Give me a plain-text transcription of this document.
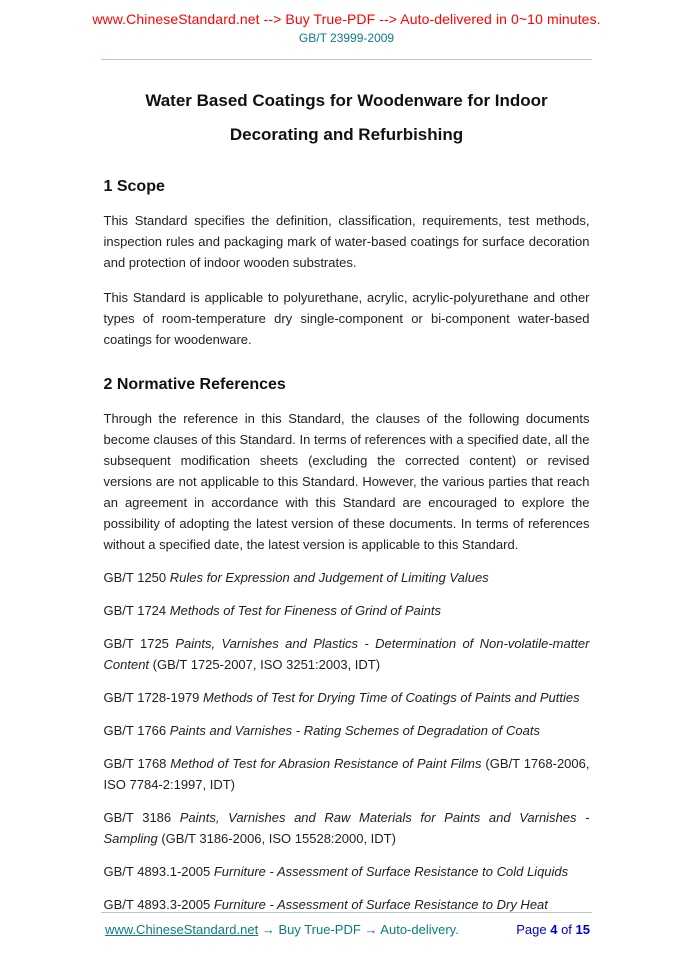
www.ChineseStandard.net --> Buy True-PDF --> Auto-delivered in 0~10 minutes.
GB/T 23999-2009
Water Based Coatings for Woodenware for Indoor
Decorating and Refurbishing
1 Scope

This Standard specifies the definition, classification, requirements, test methods, inspection rules and packaging mark of water-based coatings for surface decoration and protection of indoor wooden substrates.

This Standard is applicable to polyurethane, acrylic, acrylic-polyurethane and other types of room-temperature dry single-component or bi-component water-based coatings for woodenware.

2 Normative References

Through the reference in this Standard, the clauses of the following documents become clauses of this Standard. In terms of references with a specified date, all the subsequent modification sheets (excluding the corrected content) or revised versions are not applicable to this Standard. However, the various parties that reach an agreement in accordance with this Standard are encouraged to explore the possibility of adopting the latest version of these documents. In terms of references without a specified date, the latest version is applicable to this Standard.

GB/T 1250 Rules for Expression and Judgement of Limiting Values

GB/T 1724 Methods of Test for Fineness of Grind of Paints

GB/T 1725 Paints, Varnishes and Plastics - Determination of Non-volatile-matter Content (GB/T 1725-2007, ISO 3251:2003, IDT)

GB/T 1728-1979 Methods of Test for Drying Time of Coatings of Paints and Putties

GB/T 1766 Paints and Varnishes - Rating Schemes of Degradation of Coats

GB/T 1768 Method of Test for Abrasion Resistance of Paint Films (GB/T 1768-2006, ISO 7784-2:1997, IDT)

GB/T 3186 Paints, Varnishes and Raw Materials for Paints and Varnishes - Sampling (GB/T 3186-2006, ISO 15528:2000, IDT)

GB/T 4893.1-2005 Furniture - Assessment of Surface Resistance to Cold Liquids

GB/T 4893.3-2005 Furniture - Assessment of Surface Resistance to Dry Heat

www.ChineseStandard.net → Buy True-PDF → Auto-delivery.	Page 4 of 15
